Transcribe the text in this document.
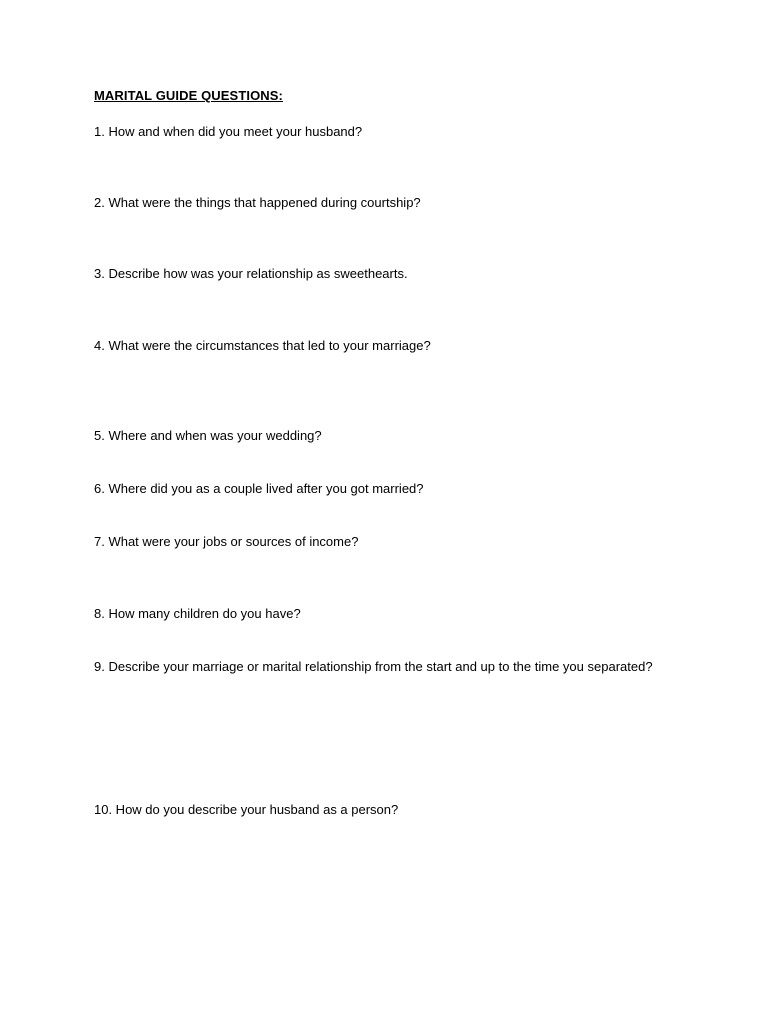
MARITAL GUIDE QUESTIONS:
1. How and when did you meet your husband?
2. What were the things that happened during courtship?
3. Describe how was your relationship as sweethearts.
4. What were the circumstances that led to your marriage?
5. Where and when was your wedding?
6. Where did you as a couple lived after you got married?
7. What were your jobs or sources of income?
8. How many children do you have?
9. Describe your marriage or marital relationship from the start and up to the time you separated?
10. How do you describe your husband as a person?
